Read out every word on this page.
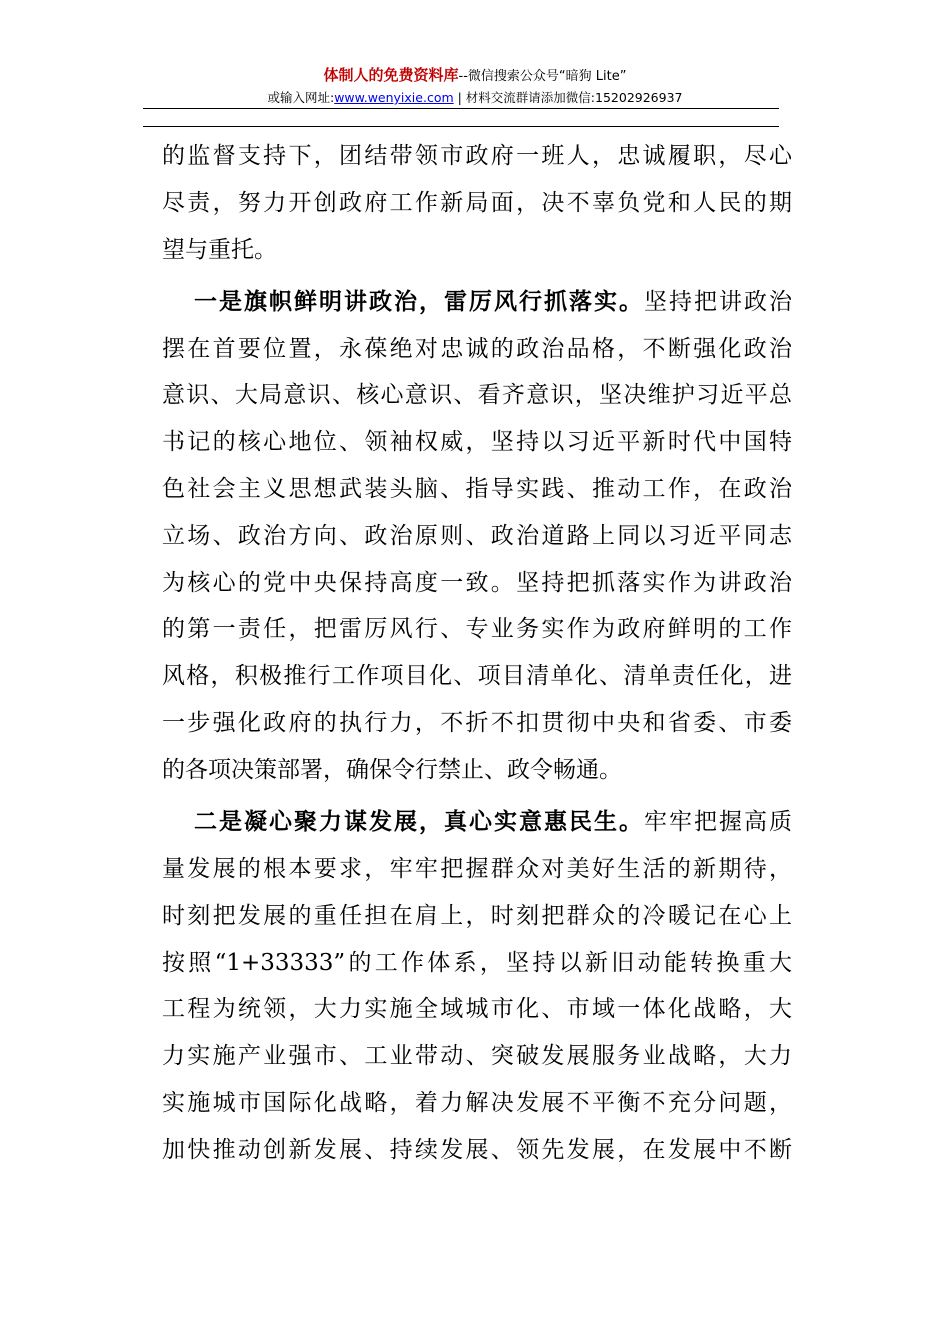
体制人的免费资料库--微信搜索公众号“暗狗 Lite”
或输入网址:www.wenyixie.com | 材料交流群请添加微信:15202926937
的监督支持下，团结带领市政府一班人，忠诚履职，尽心
尽责，努力开创政府工作新局面，决不辜负党和人民的期
望与重托。
一是旗帜鲜明讲政治，雷厉风行抓落实。坚持把讲政治
摆在首要位置，永葆绝对忠诚的政治品格，不断强化政治
意识、大局意识、核心意识、看齐意识，坚决维护习近平总
书记的核心地位、领袖权威，坚持以习近平新时代中国特
色社会主义思想武装头脑、指导实践、推动工作，在政治
立场、政治方向、政治原则、政治道路上同以习近平同志
为核心的党中央保持高度一致。坚持把抓落实作为讲政治
的第一责任，把雷厉风行、专业务实作为政府鲜明的工作
风格，积极推行工作项目化、项目清单化、清单责任化，进
一步强化政府的执行力，不折不扣贯彻中央和省委、市委
的各项决策部署，确保令行禁止、政令畅通。
二是凝心聚力谋发展，真心实意惠民生。牢牢把握高质
量发展的根本要求，牢牢把握群众对美好生活的新期待，
时刻把发展的重任担在肩上，时刻把群众的冷暖记在心上
按照“1+33333”的工作体系，坚持以新旧动能转换重大
工程为统领，大力实施全域城市化、市域一体化战略，大
力实施产业强市、工业带动、突破发展服务业战略，大力
实施城市国际化战略，着力解决发展不平衡不充分问题，
加快推动创新发展、持续发展、领先发展，在发展中不断
